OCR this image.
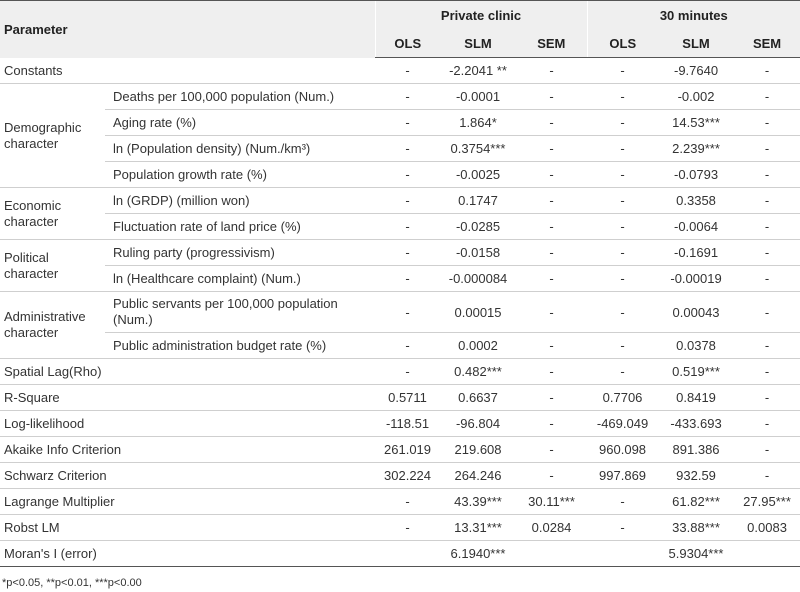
Parameter		Private clinic			30 minutes		
		OLS	SLM	SEM	OLS	SLM	SEM
Constants		-	-2.2041 **	-	-	-9.7640	-
Demographic character	Deaths per 100,000 population (Num.)	-	-0.0001	-	-	-0.002	-
	Aging rate (%)	-	1.864*	-	-	14.53***	-
	ln (Population density) (Num./km³)	-	0.3754***	-	-	2.239***	-
	Population growth rate (%)	-	-0.0025	-	-	-0.0793	-
Economic character	ln (GRDP) (million won)	-	0.1747	-	-	0.3358	-
	Fluctuation rate of land price (%)	-	-0.0285	-	-	-0.0064	-
Political character	Ruling party (progressivism)	-	-0.0158	-	-	-0.1691	-
	ln (Healthcare complaint) (Num.)	-	-0.000084	-	-	-0.00019	-
Administrative character	Public servants per 100,000 population (Num.)	-	0.00015	-	-	0.00043	-
	Public administration budget rate (%)	-	0.0002	-	-	0.0378	-
Spatial Lag(Rho)		-	0.482***	-	-	0.519***	-
R-Square		0.5711	0.6637	-	0.7706	0.8419	-
Log-likelihood		-118.51	-96.804	-	-469.049	-433.693	-
Akaike Info Criterion		261.019	219.608	-	960.098	891.386	-
Schwarz Criterion		302.224	264.246	-	997.869	932.59	-
Lagrange Multiplier		-	43.39***	30.11***	-	61.82***	27.95***
Robst LM		-	13.31***	0.0284	-	33.88***	0.0083
Moran's I (error)			6.1940***			5.9304***	
*p<0.05, **p<0.01, ***p<0.00
